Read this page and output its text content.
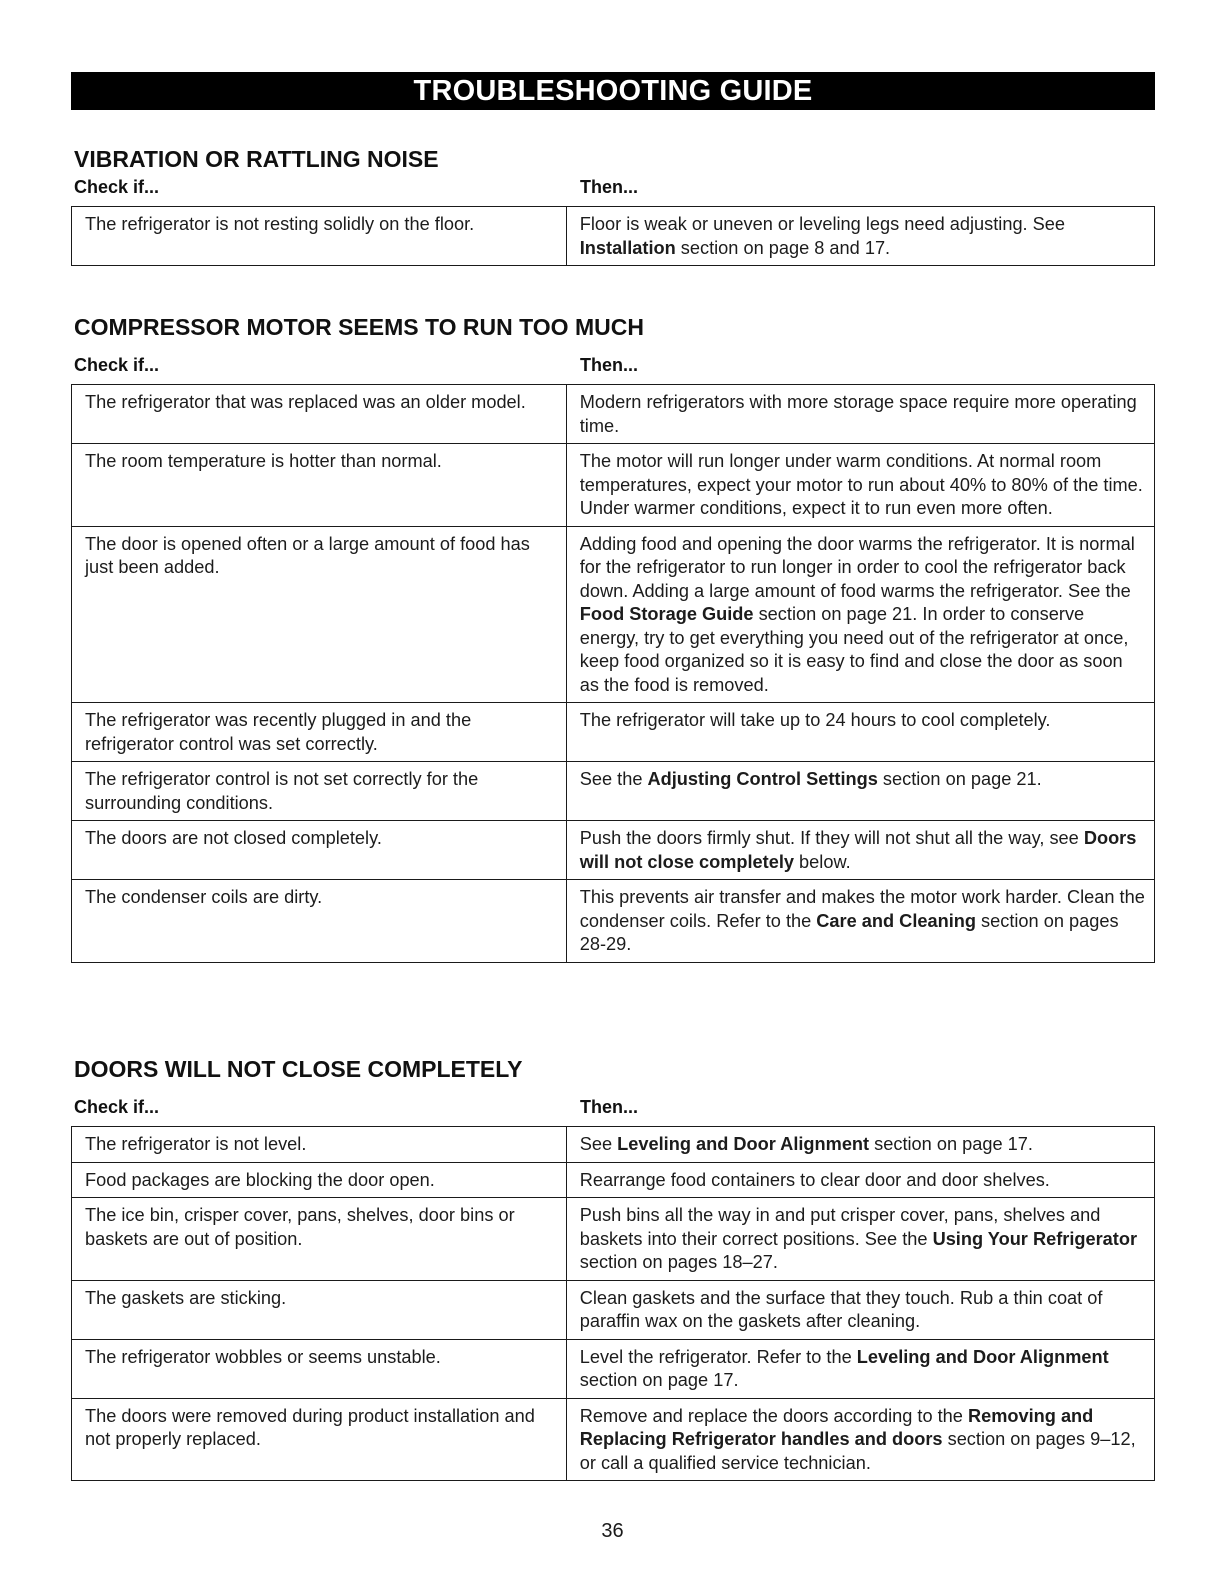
TROUBLESHOOTING GUIDE
VIBRATION OR RATTLING NOISE
Check if...	Then...
The refrigerator is not resting solidly on the floor.	Floor is weak or uneven or leveling legs need adjusting. See Installation section on page 8 and 17.
COMPRESSOR MOTOR SEEMS TO RUN TOO MUCH
Check if...	Then...
The refrigerator that was replaced was an older model.	Modern refrigerators with more storage space require more operating time.
The room temperature is hotter than normal.	The motor will run longer under warm conditions. At normal room temperatures, expect your motor to run about 40% to 80% of the time. Under warmer conditions, expect it to run even more often.
The door is opened often or a large amount of food has just been added.	Adding food and opening the door warms the refrigerator. It is normal for the refrigerator to run longer in order to cool the refrigerator back down. Adding a large amount of food warms the refrigerator. See the Food Storage Guide section on page 21. In order to conserve energy, try to get everything you need out of the refrigerator at once, keep food organized so it is easy to find and close the door as soon as the food is removed.
The refrigerator was recently plugged in and the refrigerator control was set correctly.	The refrigerator will take up to 24 hours to cool completely.
The refrigerator control is not set correctly for the surrounding conditions.	See the Adjusting Control Settings section on page 21.
The doors are not closed completely.	Push the doors firmly shut. If they will not shut all the way, see Doors will not close completely below.
The condenser coils are dirty.	This prevents air transfer and makes the motor work harder. Clean the condenser coils. Refer to the Care and Cleaning section on pages 28-29.
DOORS WILL NOT CLOSE COMPLETELY
Check if...	Then...
The refrigerator is not level.	See Leveling and Door Alignment section on page 17.
Food packages are blocking the door open.	Rearrange food containers to clear door and door shelves.
The ice bin, crisper cover, pans, shelves, door bins or baskets are out of position.	Push bins all the way in and put crisper cover, pans, shelves and baskets into their correct positions. See the Using Your Refrigerator section on pages 18–27.
The gaskets are sticking.	Clean gaskets and the surface that they touch. Rub a thin coat of paraffin wax on the gaskets after cleaning.
The refrigerator wobbles or seems unstable.	Level the refrigerator. Refer to the Leveling and Door Alignment section on page 17.
The doors were removed during product installation and not properly replaced.	Remove and replace the doors according to the Removing and Replacing Refrigerator handles and doors section on pages 9–12, or call a qualified service technician.
36
